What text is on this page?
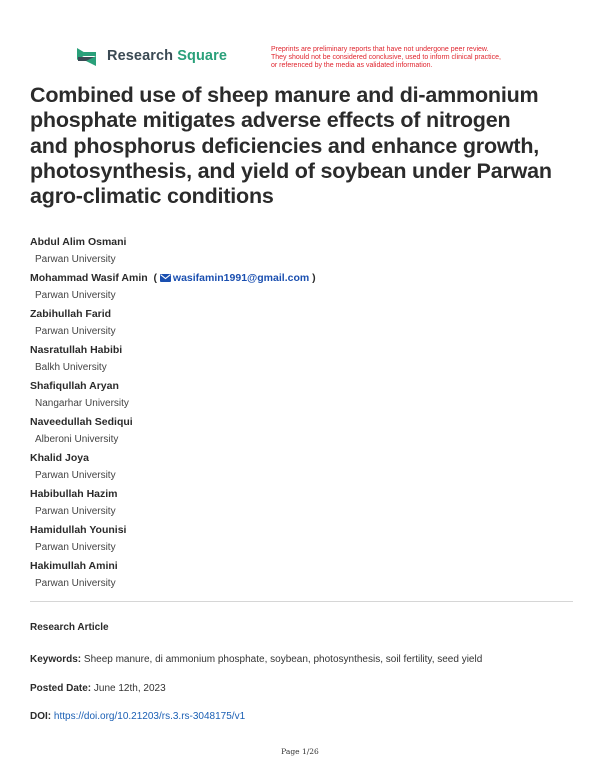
Research Square	Preprints are preliminary reports that have not undergone peer review.
They should not be considered conclusive, used to inform clinical practice,
or referenced by the media as validated information.
Combined use of sheep manure and di-ammonium
phosphate mitigates adverse effects of nitrogen
and phosphorus deficiencies and enhance growth,
photosynthesis, and yield of soybean under Parwan
agro-climatic conditions
Abdul Alim Osmani
Parwan University
Mohammad Wasif Amin  ( wasifamin1991@gmail.com )
Parwan University
Zabihullah Farid
Parwan University
Nasratullah Habibi
Balkh University
Shafiqullah Aryan
Nangarhar University
Naveedullah Sediqui
Alberoni University
Khalid Joya
Parwan University
Habibullah Hazim
Parwan University
Hamidullah Younisi
Parwan University
Hakimullah Amini
Parwan University
Research Article
Keywords: Sheep manure, di ammonium phosphate, soybean, photosynthesis, soil fertility, seed yield
Posted Date: June 12th, 2023
DOI: https://doi.org/10.21203/rs.3.rs-3048175/v1
Page 1/26
